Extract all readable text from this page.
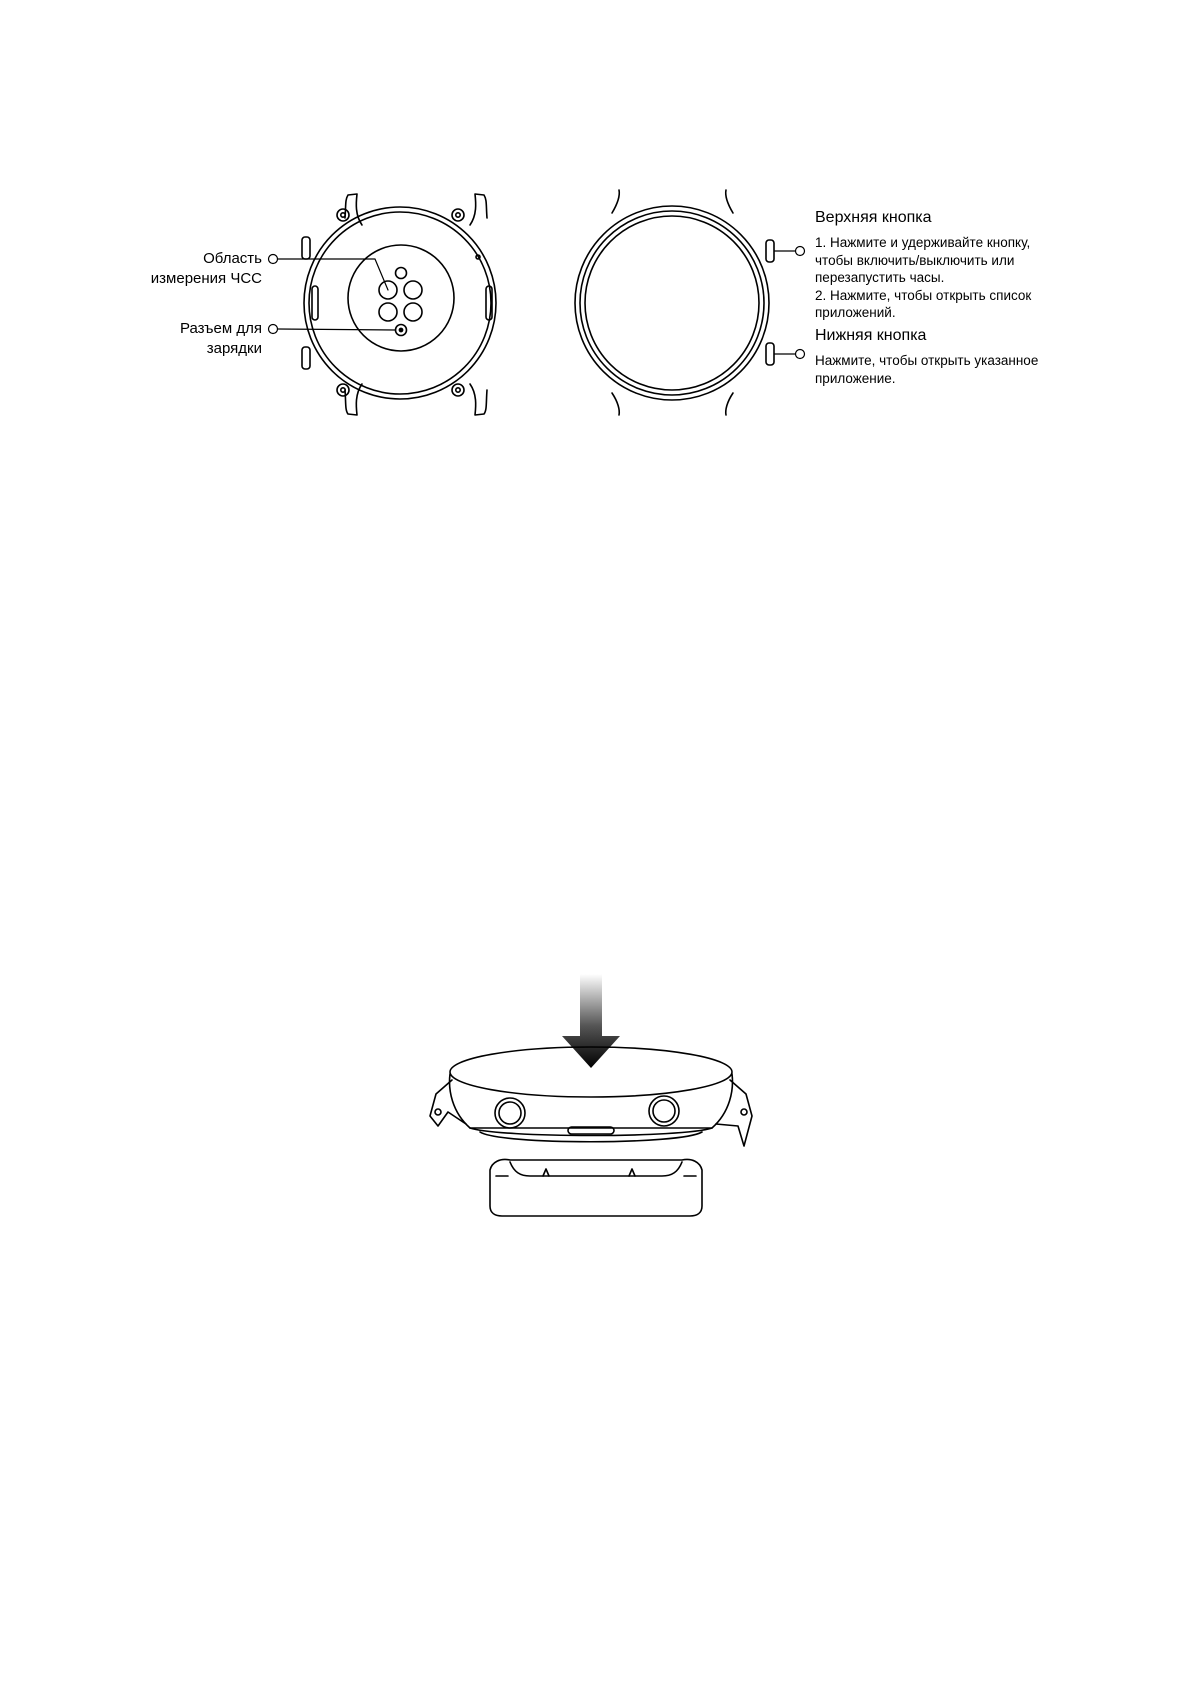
Область
измерения ЧСС
Разъем для
зарядки
Верхняя кнопка
1. Нажмите и удерживайте кнопку,
чтобы включить/выключить или
перезапустить часы.
2. Нажмите, чтобы открыть список
приложений.
Нижняя кнопка
Нажмите, чтобы открыть указанное
приложение.
